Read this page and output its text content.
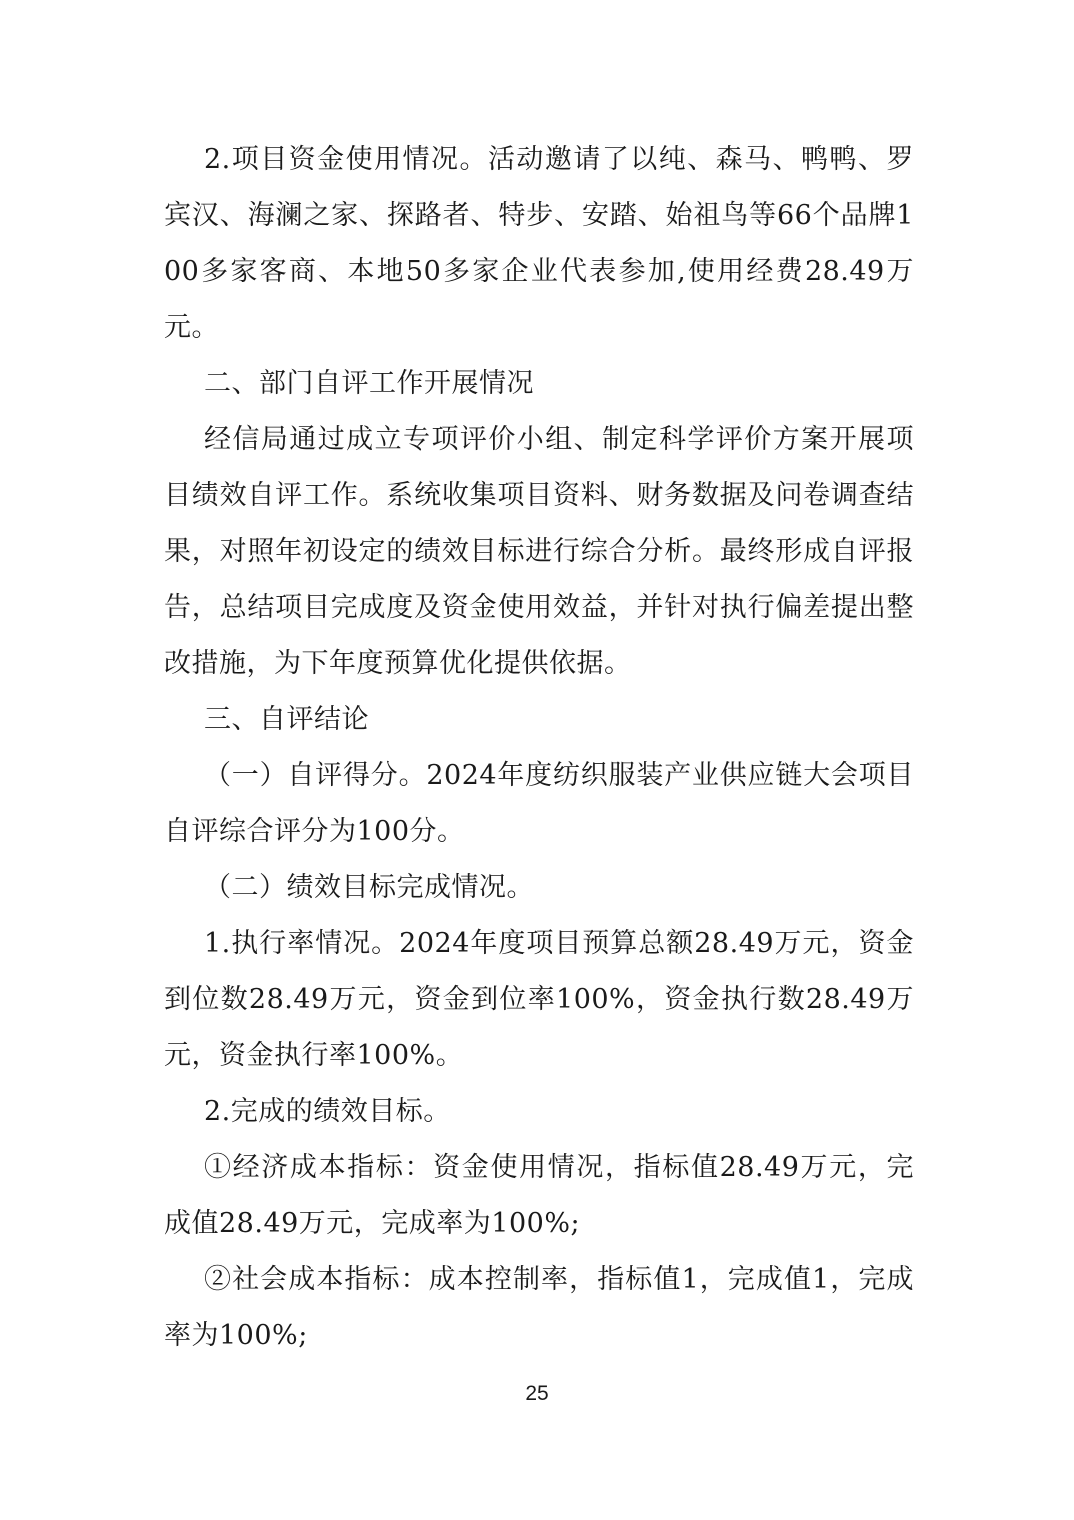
2.项目资金使用情况。活动邀请了以纯、森马、鸭鸭、罗宾汉、海澜之家、探路者、特步、安踏、始祖鸟等66个品牌100多家客商、本地50多家企业代表参加,使用经费28.49万元。

二、部门自评工作开展情况

经信局通过成立专项评价小组、制定科学评价方案开展项目绩效自评工作。系统收集项目资料、财务数据及问卷调查结果，对照年初设定的绩效目标进行综合分析。最终形成自评报告，总结项目完成度及资金使用效益，并针对执行偏差提出整改措施，为下年度预算优化提供依据。

三、自评结论

（一）自评得分。2024年度纺织服装产业供应链大会项目自评综合评分为100分。

（二）绩效目标完成情况。

1.执行率情况。2024年度项目预算总额28.49万元，资金到位数28.49万元，资金到位率100%，资金执行数28.49万元，资金执行率100%。

2.完成的绩效目标。

①经济成本指标：资金使用情况，指标值28.49万元，完成值28.49万元，完成率为100%;

②社会成本指标：成本控制率，指标值1，完成值1，完成率为100%;

25
